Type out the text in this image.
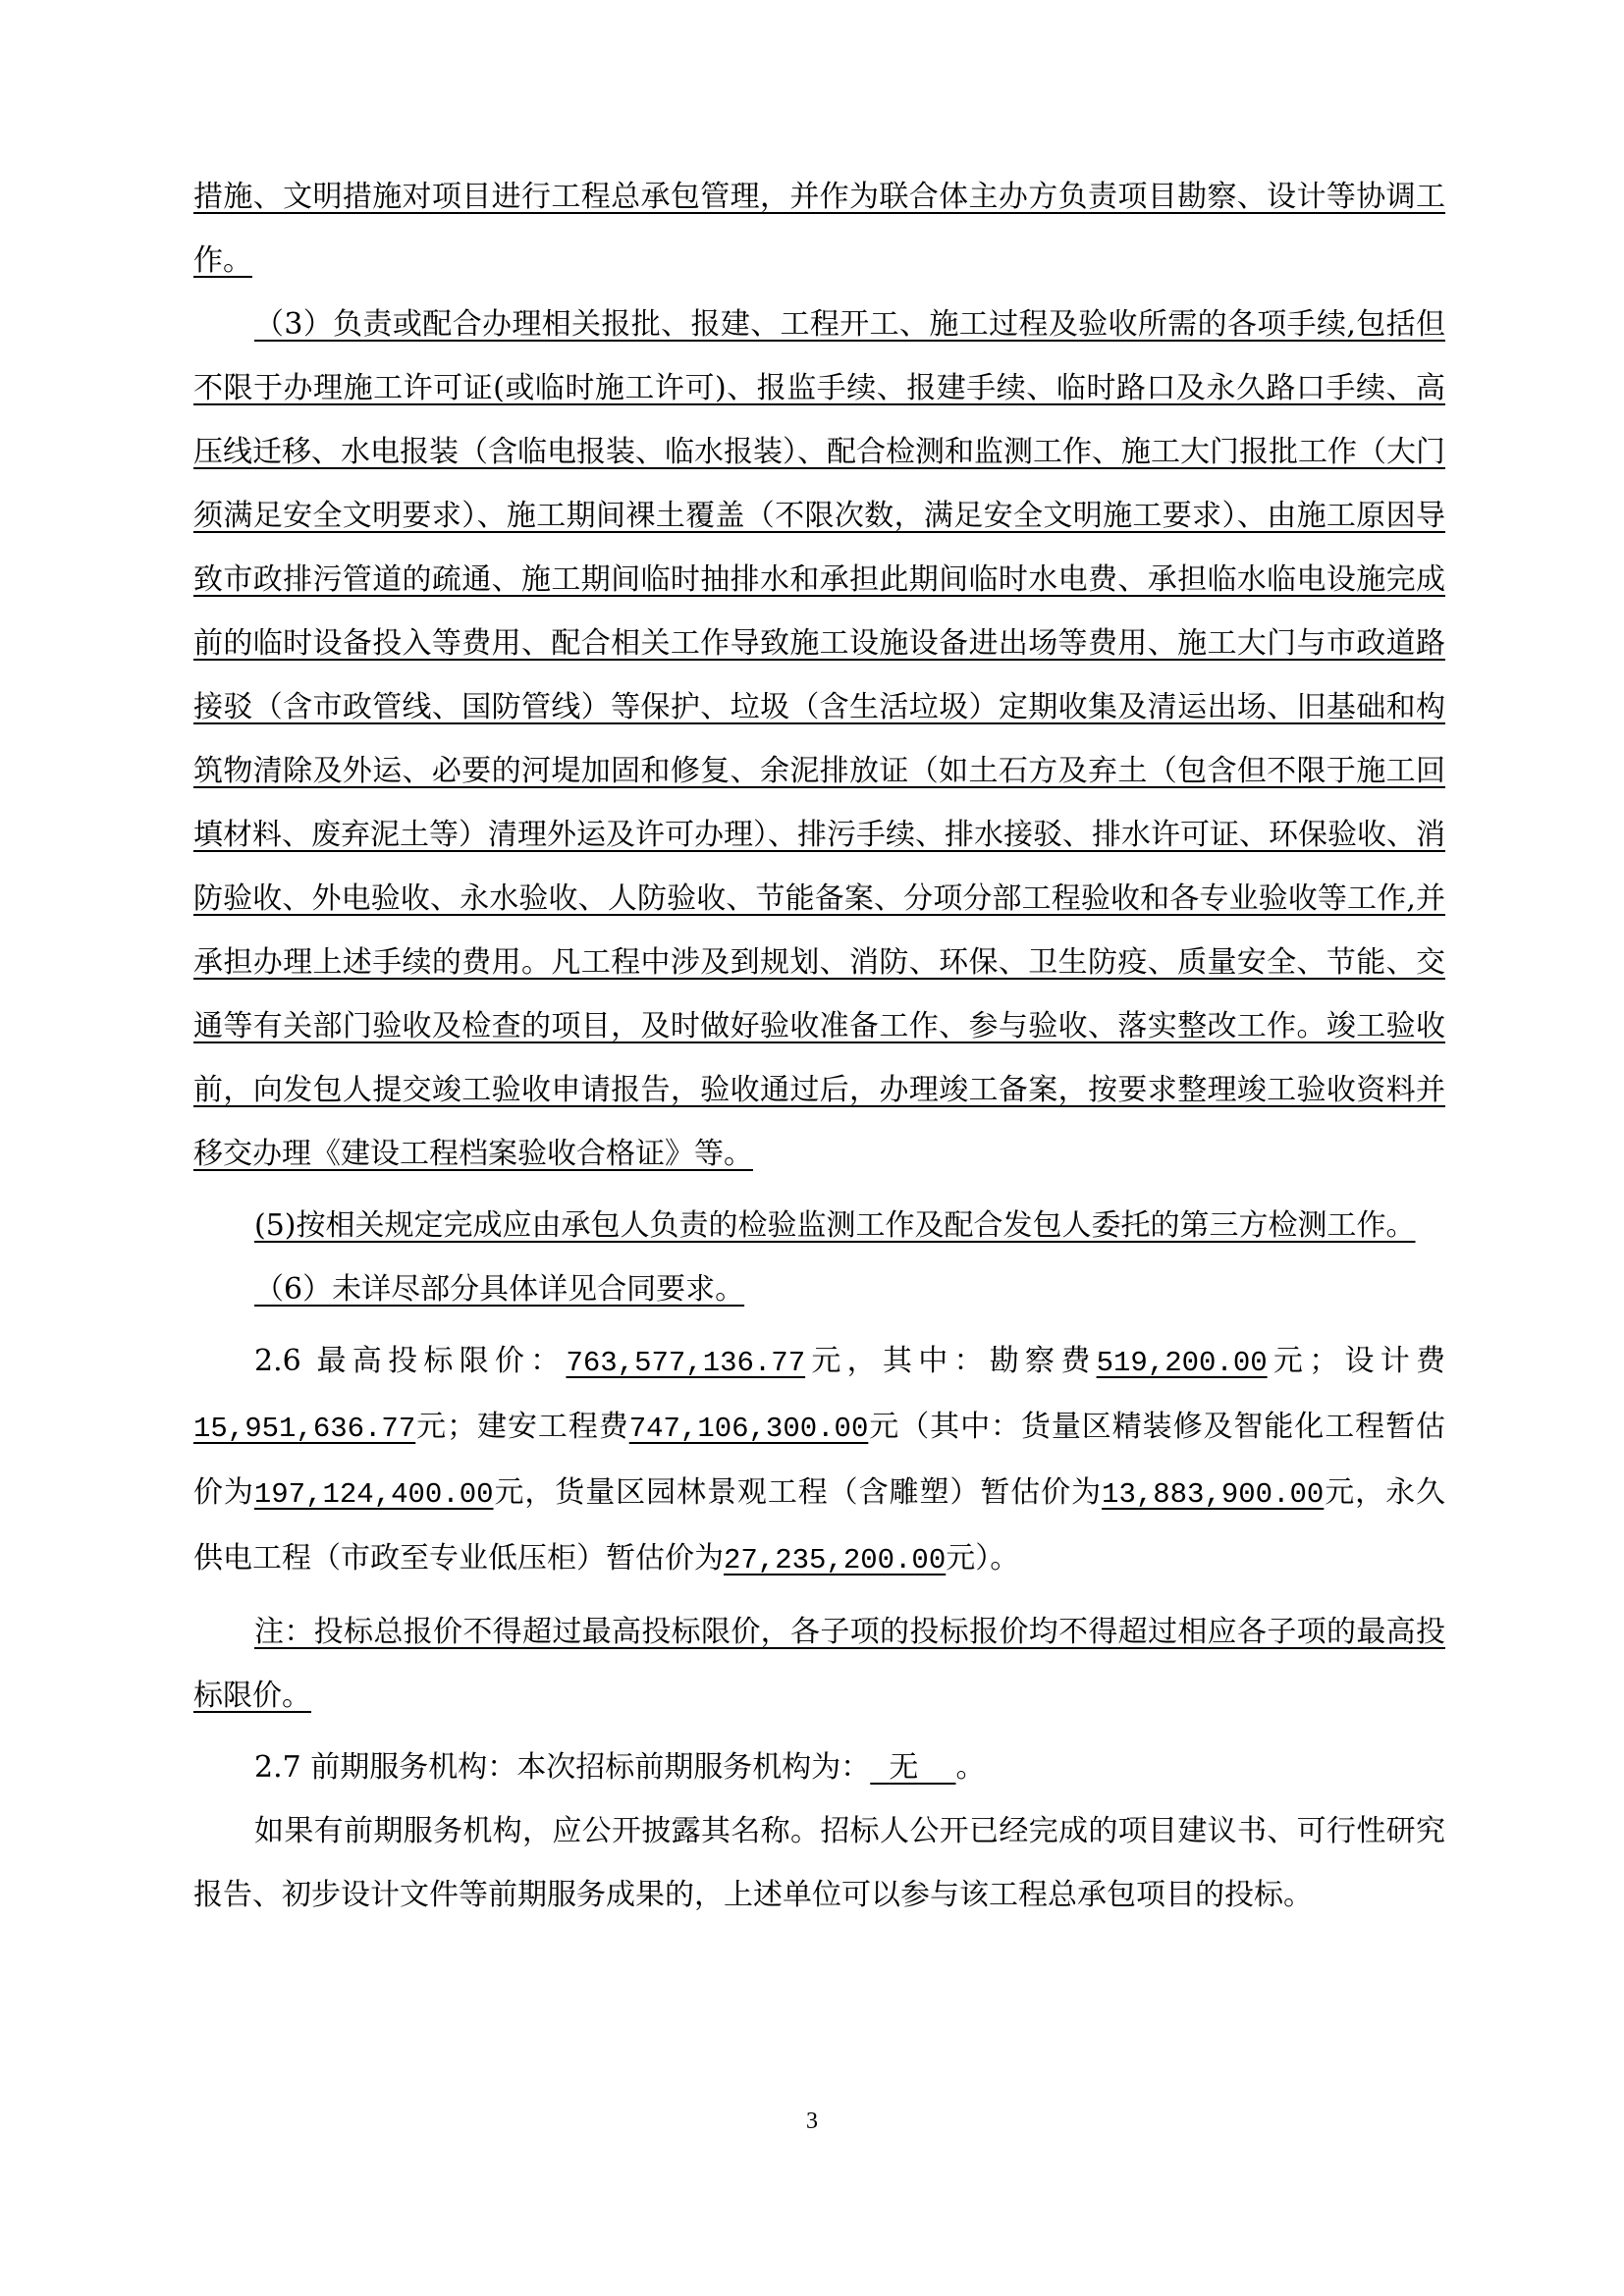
措施、文明措施对项目进行工程总承包管理，并作为联合体主办方负责项目勘察、设计等协调工作。

（3）负责或配合办理相关报批、报建、工程开工、施工过程及验收所需的各项手续,包括但不限于办理施工许可证(或临时施工许可)、报监手续、报建手续、临时路口及永久路口手续、高压线迁移、水电报装（含临电报装、临水报装）、配合检测和监测工作、施工大门报批工作（大门须满足安全文明要求）、施工期间裸土覆盖（不限次数，满足安全文明施工要求）、由施工原因导致市政排污管道的疏通、施工期间临时抽排水和承担此期间临时水电费、承担临水临电设施完成前的临时设备投入等费用、配合相关工作导致施工设施设备进出场等费用、施工大门与市政道路接驳（含市政管线、国防管线）等保护、垃圾（含生活垃圾）定期收集及清运出场、旧基础和构筑物清除及外运、必要的河堤加固和修复、余泥排放证（如土石方及弃土（包含但不限于施工回填材料、废弃泥土等）清理外运及许可办理）、排污手续、排水接驳、排水许可证、环保验收、消防验收、外电验收、永水验收、人防验收、节能备案、分项分部工程验收和各专业验收等工作,并承担办理上述手续的费用。凡工程中涉及到规划、消防、环保、卫生防疫、质量安全、节能、交通等有关部门验收及检查的项目，及时做好验收准备工作、参与验收、落实整改工作。竣工验收前，向发包人提交竣工验收申请报告，验收通过后，办理竣工备案，按要求整理竣工验收资料并移交办理《建设工程档案验收合格证》等。

(5)按相关规定完成应由承包人负责的检验监测工作及配合发包人委托的第三方检测工作。

（6）未详尽部分具体详见合同要求。

2.6 最高投标限价：763,577,136.77元，其中：勘察费519,200.00元；设计费15,951,636.77元；建安工程费747,106,300.00元（其中：货量区精装修及智能化工程暂估价为197,124,400.00元，货量区园林景观工程（含雕塑）暂估价为13,883,900.00元，永久供电工程（市政至专业低压柜）暂估价为27,235,200.00元）。

注：投标总报价不得超过最高投标限价，各子项的投标报价均不得超过相应各子项的最高投标限价。

2.7 前期服务机构：本次招标前期服务机构为： 无 。

如果有前期服务机构，应公开披露其名称。招标人公开已经完成的项目建议书、可行性研究报告、初步设计文件等前期服务成果的，上述单位可以参与该工程总承包项目的投标。

3
